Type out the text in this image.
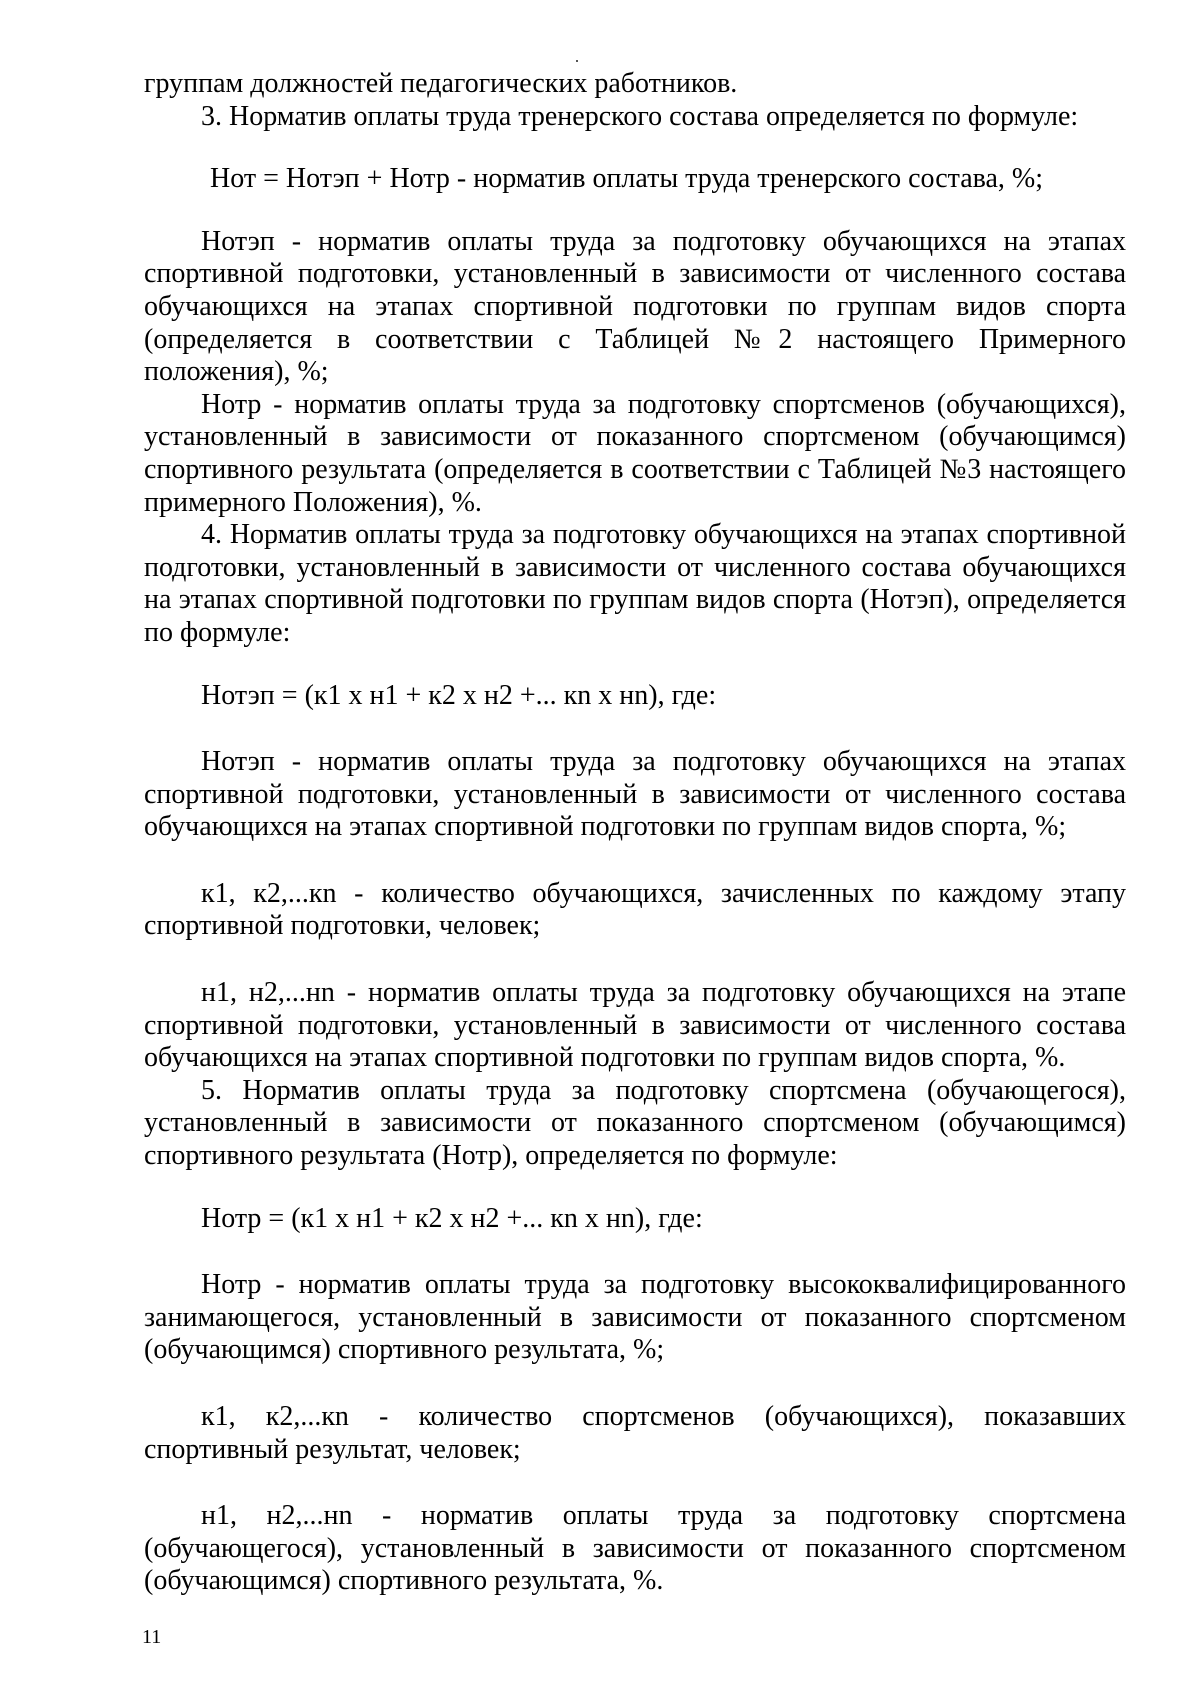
группам должностей педагогических работников.

3. Норматив оплаты труда тренерского состава определяется по формуле:

Нот = Нотэп + Нотр - норматив оплаты труда тренерского состава, %;

Нотэп - норматив оплаты труда за подготовку обучающихся на этапах спортивной подготовки, установленный в зависимости от численного состава обучающихся на этапах спортивной подготовки по группам видов спорта (определяется в соответствии с Таблицей №2 настоящего Примерного положения), %;

Нотр - норматив оплаты труда за подготовку спортсменов (обучающихся), установленный в зависимости от показанного спортсменом (обучающимся) спортивного результата (определяется в соответствии с Таблицей №3 настоящего примерного Положения), %.

4. Норматив оплаты труда за подготовку обучающихся на этапах спортивной подготовки, установленный в зависимости от численного состава обучающихся на этапах спортивной подготовки по группам видов спорта (Нотэп), определяется по формуле:

Нотэп = (к1 х н1 + к2 х н2 +... кn х нn), где:

Нотэп - норматив оплаты труда за подготовку обучающихся на этапах спортивной подготовки, установленный в зависимости от численного состава обучающихся на этапах спортивной подготовки по группам видов спорта, %;

к1, к2,...кn - количество обучающихся, зачисленных по каждому этапу спортивной подготовки, человек;

н1, н2,...нn - норматив оплаты труда за подготовку обучающихся на этапе спортивной подготовки, установленный в зависимости от численного состава обучающихся на этапах спортивной подготовки по группам видов спорта, %.

5. Норматив оплаты труда за подготовку спортсмена (обучающегося), установленный в зависимости от показанного спортсменом (обучающимся) спортивного результата (Нотр), определяется по формуле:

Нотр = (к1 х н1 + к2 х н2 +... кn х нn), где:

Нотр - норматив оплаты труда за подготовку высококвалифицированного занимающегося, установленный в зависимости от показанного спортсменом (обучающимся) спортивного результата, %;

к1, к2,...кn - количество спортсменов (обучающихся), показавших спортивный результат, человек;

н1, н2,...нn - норматив оплаты труда за подготовку спортсмена (обучающегося), установленный в зависимости от показанного спортсменом (обучающимся) спортивного результата, %.

11
